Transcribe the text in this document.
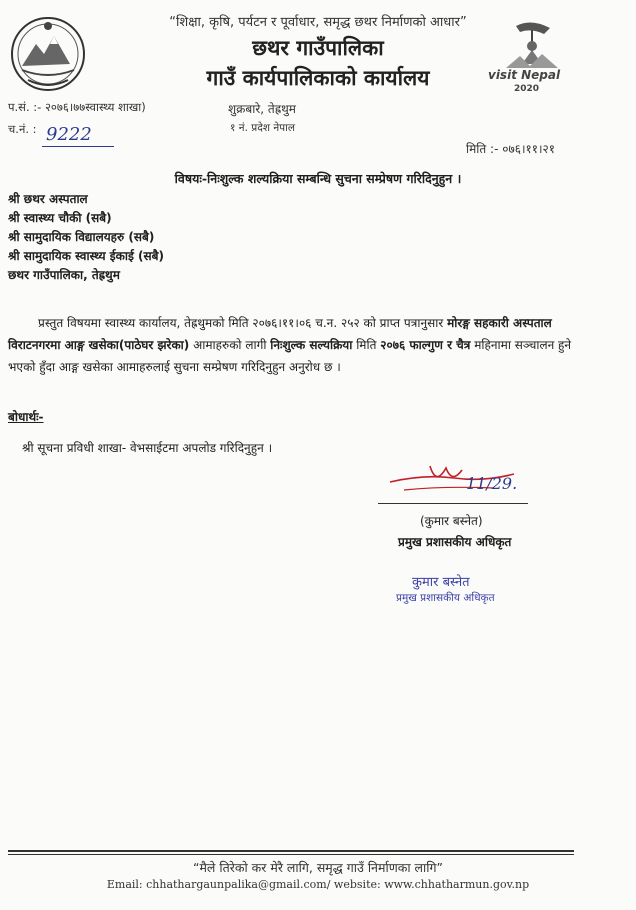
“शिक्षा, कृषि, पर्यटन र पूर्वाधार, समृद्ध छथर निर्माणको आधार”
छथर गाउँपालिका
गाउँ कार्यपालिकाको कार्यालय	visit Nepal
2020
प.सं. :- २०७६।७७स्वास्थ्य शाखा)
च.नं. : 9222
शुक्रबारे, तेह्रथुम
१ नं. प्रदेश नेपाल
मिति :- ०७६।११।२१
विषयः-निःशुल्क शल्यक्रिया सम्बन्धि सुचना सम्प्रेषण गरिदिनुहुन ।
श्री छथर अस्पताल
श्री स्वास्थ्य चौकी (सबै)
श्री सामुदायिक विद्यालयहरु (सबै)
श्री सामुदायिक स्वास्थ्य ईकाई (सबै)
छथर गाउँपालिका, तेह्रथुम
प्रस्तुत विषयमा स्वास्थ्य कार्यालय, तेह्रथुमको मिति २०७६।११।०६ च.न. २५२ को प्राप्त पत्रानुसार मोरङ्ग सहकारी अस्पताल विराटनगरमा आङ्ग खसेका(पाठेघर झरेका) आमाहरुको लागी निःशुल्क सल्यक्रिया मिति २०७६ फाल्गुण र चैत्र महिनामा सञ्चालन हुने भएको हुँदा आङ्ग खसेका आमाहरुलाई सुचना सम्प्रेषण गरिदिनुहुन अनुरोध छ ।
बोधार्थः-
श्री सूचना प्रविधी शाखा- वेभसाईटमा अपलोड गरिदिनुहुन ।
11/29.
(कुमार बस्नेत)
प्रमुख प्रशासकीय अधिकृत
कुमार बस्नेत
प्रमुख प्रशासकीय अधिकृत
“मैले तिरेको कर मेरै लागि, समृद्ध गाउँ निर्माणका लागि”
Email: chhathargaunpalika@gmail.com/ website: www.chhatharmun.gov.np
